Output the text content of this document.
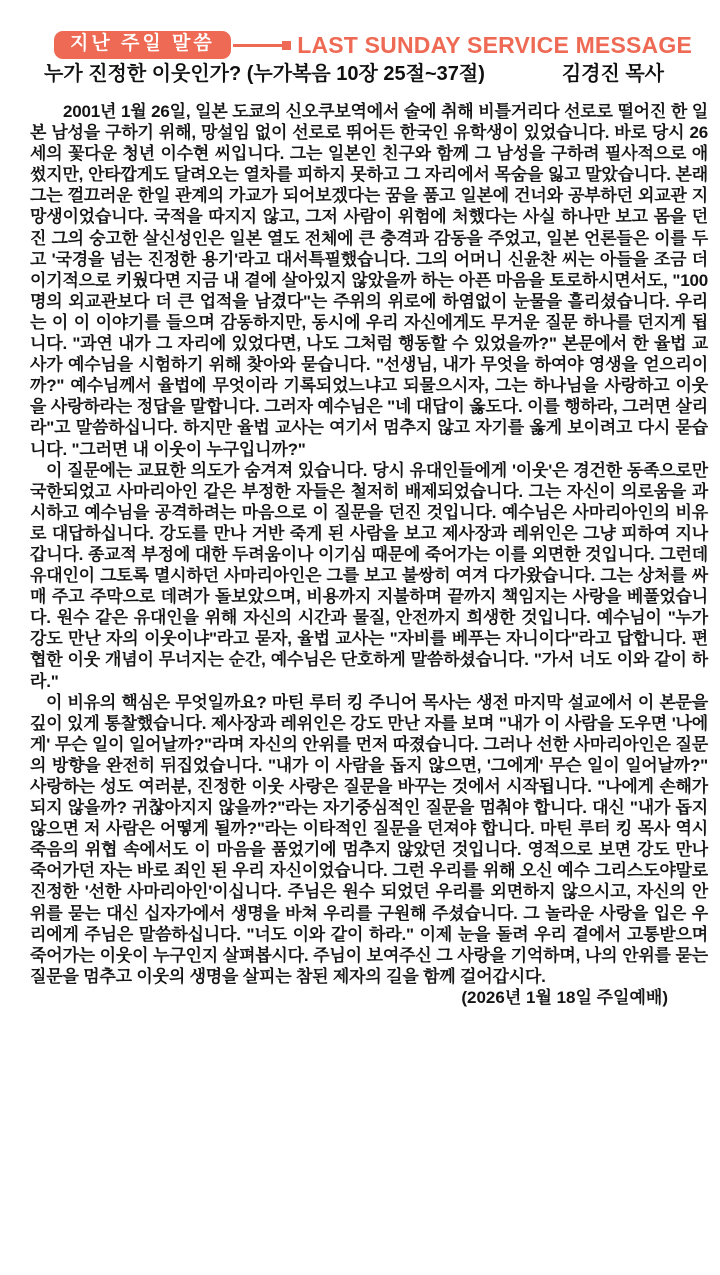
지난 주일 말씀	LAST SUNDAY SERVICE MESSAGE
누가 진정한 이웃인가? (누가복음 10장 25절~37절)	김경진 목사

2001년 1월 26일, 일본 도쿄의 신오쿠보역에서 술에 취해 비틀거리다 선로로 떨어진 한 일본 남성을 구하기 위해, 망설임 없이 선로로 뛰어든 한국인 유학생이 있었습니다. 바로 당시 26세의 꽃다운 청년 이수현 씨입니다. 그는 일본인 친구와 함께 그 남성을 구하려 필사적으로 애썼지만, 안타깝게도 달려오는 열차를 피하지 못하고 그 자리에서 목숨을 잃고 말았습니다. 본래 그는 껄끄러운 한일 관계의 가교가 되어보겠다는 꿈을 품고 일본에 건너와 공부하던 외교관 지망생이었습니다. 국적을 따지지 않고, 그저 사람이 위험에 처했다는 사실 하나만 보고 몸을 던진 그의 숭고한 살신성인은 일본 열도 전체에 큰 충격과 감동을 주었고, 일본 언론들은 이를 두고 '국경을 넘는 진정한 용기'라고 대서특필했습니다. 그의 어머니 신윤찬 씨는 아들을 조금 더 이기적으로 키웠다면 지금 내 곁에 살아있지 않았을까 하는 아픈 마음을 토로하시면서도, "100명의 외교관보다 더 큰 업적을 남겼다"는 주위의 위로에 하염없이 눈물을 흘리셨습니다. 우리는 이 이 이야기를 들으며 감동하지만, 동시에 우리 자신에게도 무거운 질문 하나를 던지게 됩니다. "과연 내가 그 자리에 있었다면, 나도 그처럼 행동할 수 있었을까?" 본문에서 한 율법 교사가 예수님을 시험하기 위해 찾아와 묻습니다. "선생님, 내가 무엇을 하여야 영생을 얻으리이까?" 예수님께서 율법에 무엇이라 기록되었느냐고 되물으시자, 그는 하나님을 사랑하고 이웃을 사랑하라는 정답을 말합니다. 그러자 예수님은 "네 대답이 옳도다. 이를 행하라, 그러면 살리라"고 말씀하십니다. 하지만 율법 교사는 여기서 멈추지 않고 자기를 옳게 보이려고 다시 묻습니다. "그러면 내 이웃이 누구입니까?"

이 질문에는 교묘한 의도가 숨겨져 있습니다. 당시 유대인들에게 '이웃'은 경건한 동족으로만 국한되었고 사마리아인 같은 부정한 자들은 철저히 배제되었습니다. 그는 자신이 의로움을 과시하고 예수님을 공격하려는 마음으로 이 질문을 던진 것입니다. 예수님은 사마리아인의 비유로 대답하십니다. 강도를 만나 거반 죽게 된 사람을 보고 제사장과 레위인은 그냥 피하여 지나갑니다. 종교적 부정에 대한 두려움이나 이기심 때문에 죽어가는 이를 외면한 것입니다. 그런데 유대인이 그토록 멸시하던 사마리아인은 그를 보고 불쌍히 여겨 다가왔습니다. 그는 상처를 싸매 주고 주막으로 데려가 돌보았으며, 비용까지 지불하며 끝까지 책임지는 사랑을 베풀었습니다. 원수 같은 유대인을 위해 자신의 시간과 물질, 안전까지 희생한 것입니다. 예수님이 "누가 강도 만난 자의 이웃이냐"라고 묻자, 율법 교사는 "자비를 베푸는 자니이다"라고 답합니다. 편협한 이웃 개념이 무너지는 순간, 예수님은 단호하게 말씀하셨습니다. "가서 너도 이와 같이 하라."

이 비유의 핵심은 무엇일까요? 마틴 루터 킹 주니어 목사는 생전 마지막 설교에서 이 본문을 깊이 있게 통찰했습니다. 제사장과 레위인은 강도 만난 자를 보며 "내가 이 사람을 도우면 '나에게' 무슨 일이 일어날까?"라며 자신의 안위를 먼저 따졌습니다. 그러나 선한 사마리아인은 질문의 방향을 완전히 뒤집었습니다. "내가 이 사람을 돕지 않으면, '그에게' 무슨 일이 일어날까?" 사랑하는 성도 여러분, 진정한 이웃 사랑은 질문을 바꾸는 것에서 시작됩니다. "나에게 손해가 되지 않을까? 귀찮아지지 않을까?"라는 자기중심적인 질문을 멈춰야 합니다. 대신 "내가 돕지 않으면 저 사람은 어떻게 될까?"라는 이타적인 질문을 던져야 합니다. 마틴 루터 킹 목사 역시 죽음의 위협 속에서도 이 마음을 품었기에 멈추지 않았던 것입니다. 영적으로 보면 강도 만나 죽어가던 자는 바로 죄인 된 우리 자신이었습니다. 그런 우리를 위해 오신 예수 그리스도야말로 진정한 '선한 사마리아인'이십니다. 주님은 원수 되었던 우리를 외면하지 않으시고, 자신의 안위를 묻는 대신 십자가에서 생명을 바쳐 우리를 구원해 주셨습니다. 그 놀라운 사랑을 입은 우리에게 주님은 말씀하십니다. "너도 이와 같이 하라." 이제 눈을 돌려 우리 곁에서 고통받으며 죽어가는 이웃이 누구인지 살펴봅시다. 주님이 보여주신 그 사랑을 기억하며, 나의 안위를 묻는 질문을 멈추고 이웃의 생명을 살피는 참된 제자의 길을 함께 걸어갑시다.

(2026년 1월 18일 주일예배)
